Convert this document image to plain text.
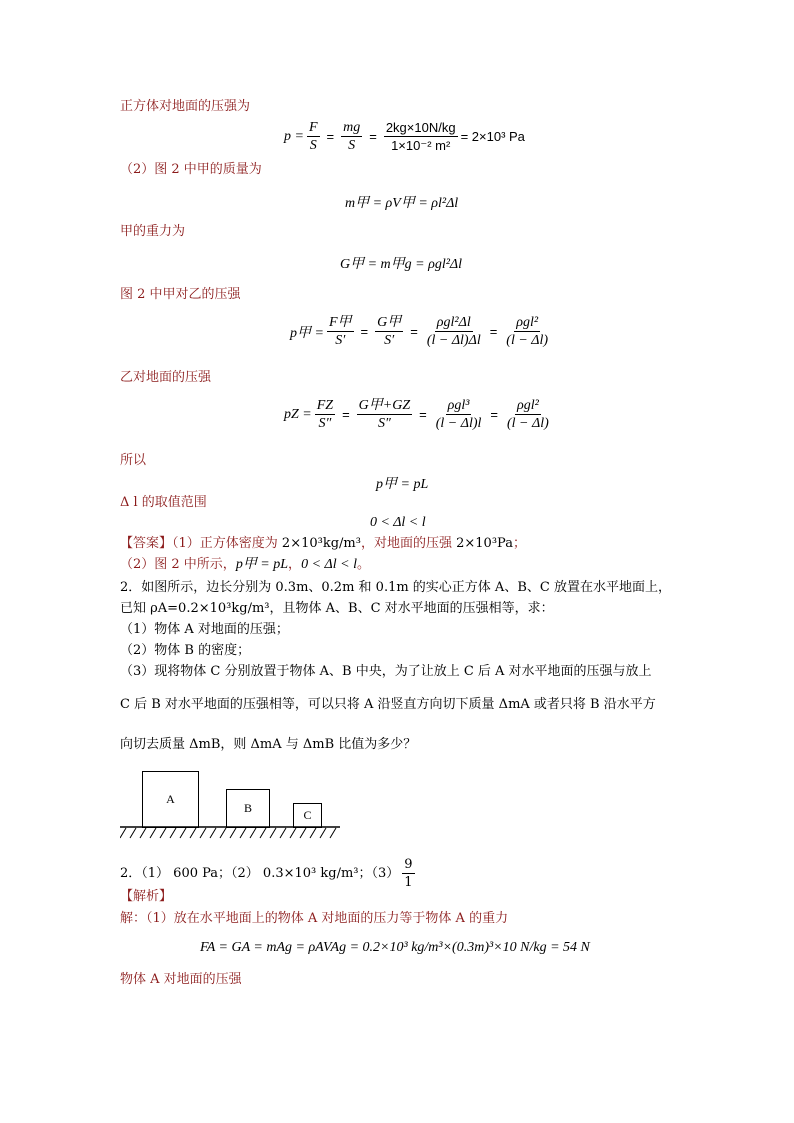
正方体对地面的压强为
$p = \frac{F}{S} = \frac{mg}{S} = \frac{2kg\times 10N/kg}{\text{1×10⁻² m²}} = 2\times 10^3$ Pa
（2）图 2 中甲的质量为
m甲 = ρV甲 = ρl²Δl
甲的重力为
G甲 = m甲g = ρgl²Δl
图 2 中甲对乙的压强
p甲 = $\frac{\text{F甲}}{S'} = \frac{\text{G甲}}{S'} = \frac{\text{ρgl²Δl}}{(l - \Delta l)\Delta l} = \frac{\text{ρgl²}}{(l - \Delta l)}$
乙对地面的压强
pZ = $\frac{FZ}{S''} = \frac{\text{G甲+GZ}}{S''} = \frac{\text{ρgl³}}{(l - \Delta l)l} = \frac{\text{ρgl²}}{(l - \Delta l)}$
所以
p甲 = pL
Δ l 的取值范围
0 < Δl < l
【答案】（1）正方体密度为 2×10³kg/m³，对地面的压强 2×10³Pa；
（2）图 2 中所示，p甲 = pL，0 < Δl < l。
2．如图所示，边长分别为 0.3m、0.2m 和 0.1m 的实心正方体 A、B、C 放置在水平地面上，
已知 ρA=0.2×10³kg/m³，且物体 A、B、C 对水平地面的压强相等，求：
（1）物体 A 对地面的压强；
（2）物体 B 的密度；
（3）现将物体 C 分别放置于物体 A、B 中央，为了让放上 C 后 A 对水平地面的压强与放上
C 后 B 对水平地面的压强相等，可以只将 A 沿竖直方向切下质量 ΔmA 或者只将 B 沿水平方
向切去质量 ΔmB，则 ΔmA 与 ΔmB 比值为多少？
A
B	C
2．（1） 600 Pa；（2） 0.3×10³ kg/m³；$(3) \frac{9}{1}$
【解析】
解：（1）放在水平地面上的物体 A 对地面的压力等于物体 A 的重力
FA = GA = mAg = ρAVAg = 0.2×10³ kg/m³×(0.3m)³×10 N/kg = 54 N
物体 A 对地面的压强
